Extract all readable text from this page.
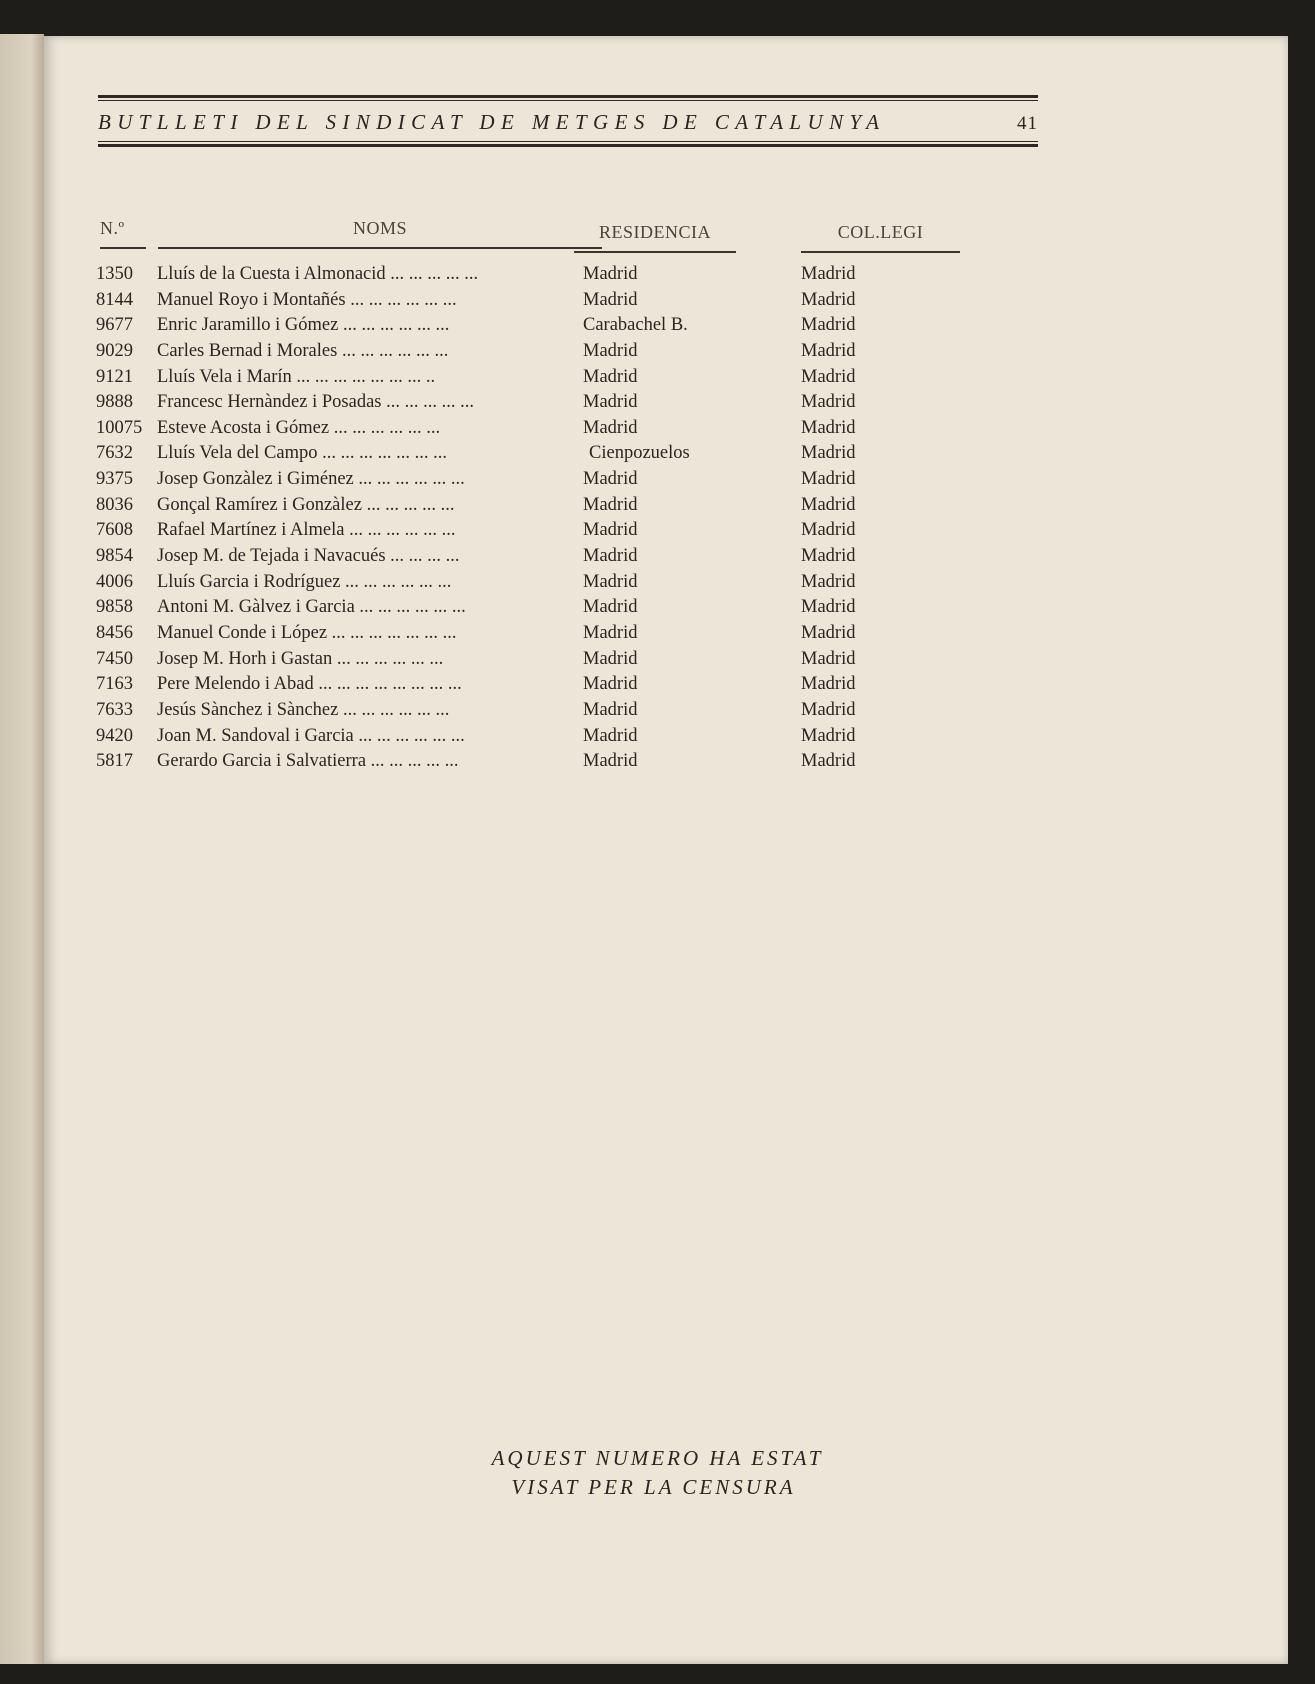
BUTLLETI DEL SINDICAT DE METGES DE CATALUNYA	41
N.º	NOMS	RESIDENCIA	COL.LEGI
1350	Lluís de la Cuesta i Almonacid ... ... ... ... ...	Madrid	Madrid
8144	Manuel Royo i Montañés ... ... ... ... ... ...	Madrid	Madrid
9677	Enric Jaramillo i Gómez ... ... ... ... ... ...	Carabachel B.	Madrid
9029	Carles Bernad i Morales ... ... ... ... ... ...	Madrid	Madrid
9121	Lluís Vela i Marín ... ... ... ... ... ... ... ..	Madrid	Madrid
9888	Francesc Hernàndez i Posadas ... ... ... ... ...	Madrid	Madrid
10075 Esteve Acosta i Gómez ... ... ... ... ... ...	Madrid	Madrid
7632	Lluís Vela del Campo ... ... ... ... ... ... ...	Cienpozuelos	Madrid
9375	Josep Gonzàlez i Giménez ... ... ... ... ... ...	Madrid	Madrid
8036	Gonçal Ramírez i Gonzàlez ... ... ... ... ...	Madrid	Madrid
7608	Rafael Martínez i Almela ... ... ... ... ... ...	Madrid	Madrid
9854	Josep M. de Tejada i Navacués ... ... ... ...	Madrid	Madrid
4006	Lluís Garcia i Rodríguez ... ... ... ... ... ...	Madrid	Madrid
9858	Antoni M. Gàlvez i Garcia ... ... ... ... ... ...	Madrid	Madrid
8456	Manuel Conde i López ... ... ... ... ... ... ...	Madrid	Madrid
7450	Josep M. Horh i Gastan ... ... ... ... ... ...	Madrid	Madrid
7163	Pere Melendo i Abad ... ... ... ... ... ... ... ...	Madrid	Madrid
7633	Jesús Sànchez i Sànchez ... ... ... ... ... ...	Madrid	Madrid
9420	Joan M. Sandoval i Garcia ... ... ... ... ... ...	Madrid	Madrid
5817	Gerardo Garcia i Salvatierra ... ... ... ... ...	Madrid	Madrid
AQUEST NUMERO HA ESTAT
VISAT PER LA CENSURA
